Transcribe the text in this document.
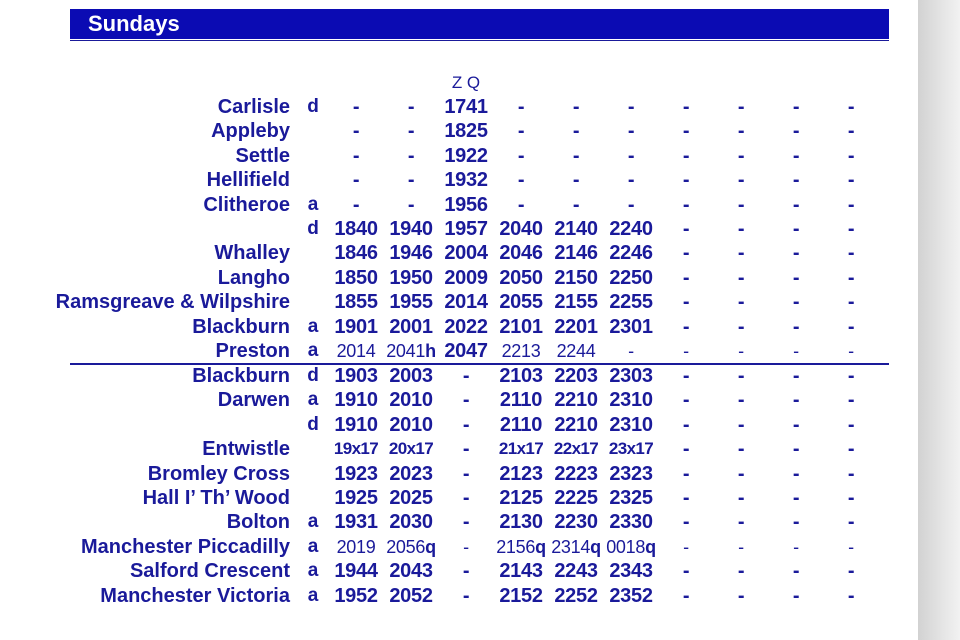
Sundays
Z Q
Carlisle d	-	-	1741	-	-	-	-	-	-	-
Appleby	-	-	1825	-	-	-	-	-	-	-
Settle	-	-	1922	-	-	-	-	-	-	-
Hellifield	-	-	1932	-	-	-	-	-	-	-
Clitheroe a	-	-	1956	-	-	-	-	-	-	-
d 1840 1940 1957 2040 2140 2240	-	-	-	-
Whalley	1846 1946 2004 2046 2146 2246	-	-	-	-
Langho	1850 1950 2009 2050 2150 2250	-	-	-	-
Ramsgreave & Wilpshire	1855 1955 2014 2055 2155 2255	-	-	-	-
Blackburn a 1901 2001 2022 2101 2201 2301	-	-	-	-
Preston a	2014 2041h 2047 2213 2244	-	-	-	-	-
Blackburn d 1903 2003	-	2103 2203 2303	-	-	-	-
Darwen a 1910 2010	-	2110 2210 2310	-	-	-	-
d 1910 2010	-	2110 2210 2310	-	-	-	-
Entwistle	19x17 20x17	-	21x17 22x17 23x17	-	-	-	-
Bromley Cross	1923 2023	-	2123 2223 2323	-	-	-	-
Hall I’ Th’ Wood	1925 2025	-	2125 2225 2325	-	-	-	-
Bolton a 1931 2030	-	2130 2230 2330	-	-	-	-
Manchester Piccadilly a	2019 2056q	-	2156q 2314q 0018q	-	-	-	-
Salford Crescent a 1944 2043	-	2143 2243 2343	-	-	-	-
Manchester Victoria a 1952 2052	-	2152 2252 2352	-	-	-	-
